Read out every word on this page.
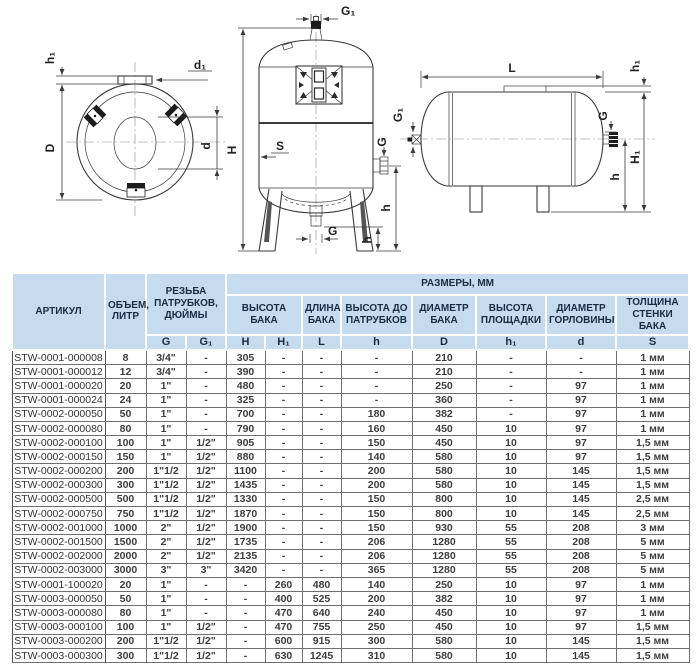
D
h₁	d₁
d H
G₁
S	G
h
h
G
L	h₁
H₁
h
G
G₁
АРТИКУЛ	ОБЪЕМ, ЛИТР	РЕЗЬБА ПАТРУБКОВ, ДЮЙМЫ		РАЗМЕРЫ, ММ							
				ВЫСОТА БАКА		ДЛИНА БАКА	ВЫСОТА ДО ПАТРУБКОВ	ДИАМЕТР БАКА	ВЫСОТА ПЛОЩАДКИ	ДИАМЕТР ГОРЛОВИНЫ	ТОЛЩИНА СТЕНКИ БАКА
		G	G₁	H	H₁	L	h	D	h₁	d	S
STW-0001-000008	8	3/4"	-	305	-	-	-	210	-	-	1 мм
STW-0001-000012	12	3/4"	-	390	-	-	-	210	-	-	1 мм
STW-0001-000020	20	1"	-	480	-	-	-	250	-	97	1 мм
STW-0001-000024	24	1"	-	325	-	-	-	360	-	97	1 мм
STW-0002-000050	50	1"	-	700	-	-	180	382	-	97	1 мм
STW-0002-000080	80	1"	-	790	-	-	160	450	10	97	1 мм
STW-0002-000100	100	1"	1/2"	905	-	-	150	450	10	97	1,5 мм
STW-0002-000150	150	1"	1/2"	880	-	-	140	580	10	97	1,5 мм
STW-0002-000200	200	1"1/2	1/2"	1100	-	-	200	580	10	145	1,5 мм
STW-0002-000300	300	1"1/2	1/2"	1435	-	-	200	580	10	145	1,5 мм
STW-0002-000500	500	1"1/2	1/2"	1330	-	-	150	800	10	145	2,5 мм
STW-0002-000750	750	1"1/2	1/2"	1870	-	-	150	800	10	145	2,5 мм
STW-0002-001000	1000	2"	1/2"	1900	-	-	150	930	55	208	3 мм
STW-0002-001500	1500	2"	1/2"	1735	-	-	206	1280	55	208	5 мм
STW-0002-002000	2000	2"	1/2"	2135	-	-	206	1280	55	208	5 мм
STW-0002-003000	3000	3"	3"	3420	-	-	365	1280	55	208	5 мм
STW-0001-100020	20	1"	-	-	260	480	140	250	10	97	1 мм
STW-0003-000050	50	1"	-	-	400	525	200	382	10	97	1 мм
STW-0003-000080	80	1"	-	-	470	640	240	450	10	97	1 мм
STW-0003-000100	100	1"	1/2"	-	470	755	250	450	10	97	1,5 мм
STW-0003-000200	200	1"1/2	1/2"	-	600	915	300	580	10	145	1,5 мм
STW-0003-000300	300	1"1/2	1/2"	-	630	1245	310	580	10	145	1,5 мм
